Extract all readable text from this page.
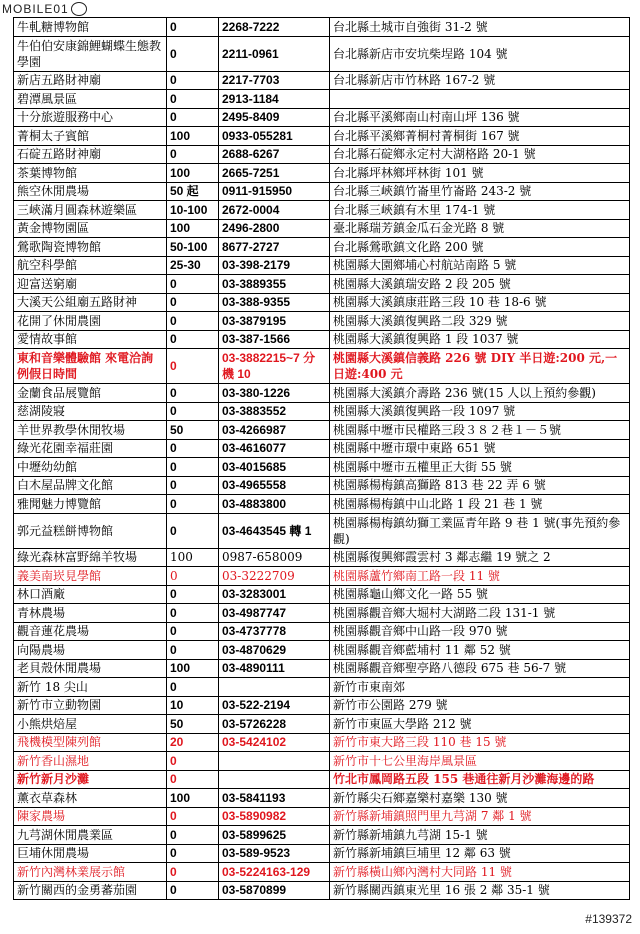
MOBILE01
牛軋糖博物館	0	2268-7222	台北縣土城市自強街 31-2 號
牛伯伯安康錦鯉蝴蝶生態教學園	0	2211-0961	台北縣新店市安坑柴埕路 104 號
新店五路財神廟	0	2217-7703	台北縣新店市竹林路 167-2 號
碧潭風景區	0	2913-1184	
十分旅遊服務中心	0	2495-8409	台北縣平溪鄉南山村南山坪 136 號
菁桐太子賓館	100	0933-055281	台北縣平溪鄉菁桐村菁桐街 167 號
石碇五路財神廟	0	2688-6267	台北縣石碇鄉永定村大湖格路 20-1 號
茶葉博物館	100	2665-7251	台北縣坪林鄉坪林街 101 號
熊空休閒農場	50 起	0911-915950	台北縣三峽鎮竹崙里竹崙路 243-2 號
三峽滿月圓森林遊樂區	10-100	2672-0004	台北縣三峽鎮有木里 174-1 號
黃金博物園區	100	2496-2800	臺北縣瑞芳鎮金瓜石金光路 8 號
鶯歌陶瓷博物館	50-100	8677-2727	台北縣鶯歌鎮文化路 200 號
航空科學館	25-30	03-398-2179	桃園縣大園鄉埔心村航站南路 5 號
迎富送窮廟	0	03-3889355	桃園縣大溪鎮瑞安路 2 段 205 號
大溪天公組廟五路財神	0	03-388-9355	桃園縣大溪鎮康莊路三段 10 巷 18-6 號
花開了休閒農園	0	03-3879195	桃園縣大溪鎮復興路二段 329 號
愛情故事館	0	03-387-1566	桃園縣大溪鎮復興路 1 段 1037 號
東和音樂體驗館 來電洽詢例假日時間	0	03-3882215~7 分機 10	桃園縣大溪鎮信義路 226 號 DIY 半日遊:200 元,一日遊:400 元
金蘭食品展覽館	0	03-380-1226	桃園縣大溪鎮介壽路 236 號(15 人以上預約參觀)
慈湖陵寢	0	03-3883552	桃園縣大溪鎮復興路一段 1097 號
羊世界教學休閒牧場	50	03-4266987	桃園縣中壢市民權路三段３８２巷１－５號
綠光花園幸福莊園	0	03-4616077	桃園縣中壢市環中東路 651 號
中壢幼幼館	0	03-4015685	桃園縣中壢市五權里正大街 55 號
白木屋品牌文化館	0	03-4965558	桃園縣楊梅鎮高獅路 813 巷 22 弄 6 號
雅聞魅力博覽館	0	03-4883800	桃園縣楊梅鎮中山北路 1 段 21 巷 1 號
郭元益糕餅博物館	0	03-4643545 轉 1	桃園縣楊梅鎮幼獅工業區青年路 9 巷 1 號(事先預約參觀)
綠光森林富野綿羊牧場	100	0987-658009	桃園縣復興鄉霞雲村 3 鄰志繼 19 號之 2
義美南崁見學館	0	03-3222709	桃園縣蘆竹鄉南工路一段 11 號
林口酒廠	0	03-3283001	桃園縣龜山鄉文化一路 55 號
青林農場	0	03-4987747	桃園縣觀音鄉大堀村大湖路二段 131-1 號
觀音蓮花農場	0	03-4737778	桃園縣觀音鄉中山路一段 970 號
向陽農場	0	03-4870629	桃園縣觀音鄉藍埔村 11 鄰 52 號
老貝殼休閒農場	100	03-4890111	桃園縣觀音鄉聖亭路八德段 675 巷 56-7 號
新竹 18 尖山	0		新竹市東南郊
新竹市立動物園	10	03-522-2194	新竹市公園路 279 號
小熊烘焙屋	50	03-5726228	新竹市東區大學路 212 號
飛機模型陳列館	20	03-5424102	新竹市東大路三段 110 巷 15 號
新竹香山濕地	0		新竹市十七公里海岸風景區
新竹新月沙灘	0		竹北市鳳岡路五段 155 巷通往新月沙灘海邊的路
薰衣草森林	100	03-5841193	新竹縣尖石鄉嘉樂村嘉樂 130 號
陳家農場	0	03-5890982	新竹縣新埔鎮照門里九芎湖 7 鄰 1 號
九芎湖休閒農業區	0	03-5899625	新竹縣新埔鎮九芎湖 15-1 號
巨埔休閒農場	0	03-589-9523	新竹縣新埔鎮巨埔里 12 鄰 63 號
新竹內灣林業展示館	0	03-5224163-129	新竹縣橫山鄉內灣村大同路 11 號
新竹關西的金勇蕃茄園	0	03-5870899	新竹縣關西鎮東光里 16 張 2 鄰 35-1 號
#139372
